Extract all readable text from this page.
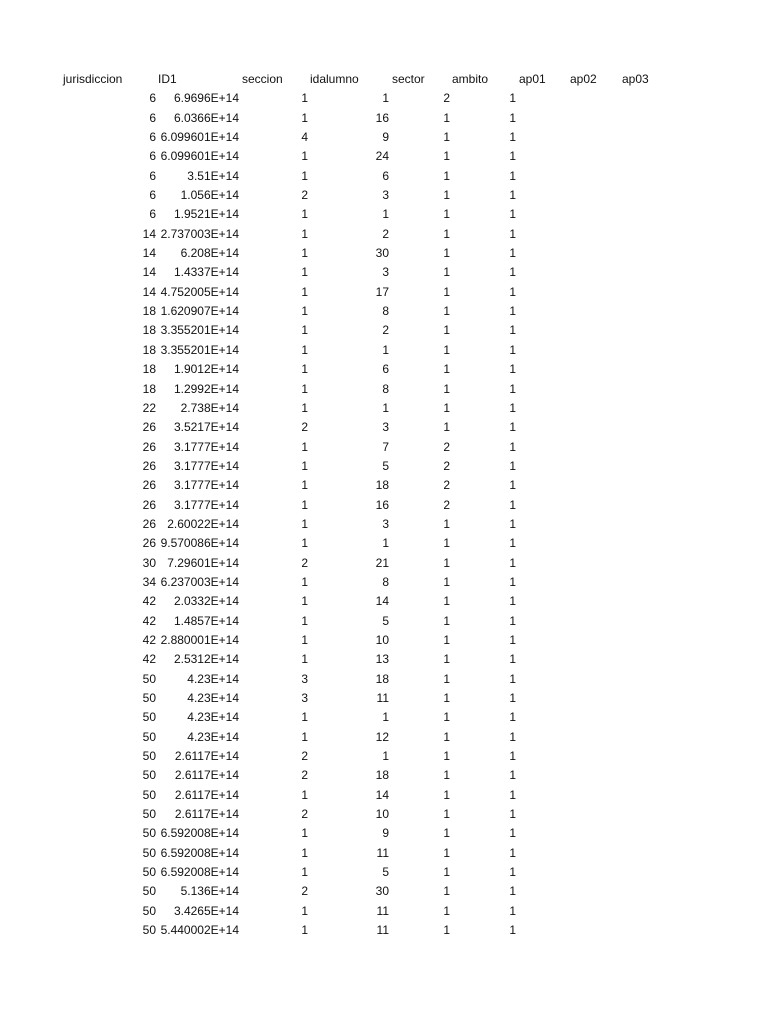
jurisdiccion	ID1	seccion idalumno	sector ambito	ap01 ap02 ap03
6 6.9696E+14	1	1	2	1
6 6.0366E+14	1	16	1	1
6 6.099601E+14	4	9	1	1
6 6.099601E+14	1	24	1	1
6	3.51E+14	1	6	1	1
6 1.056E+14	2	3	1	1
6 1.9521E+14	1	1	1	1
14 2.737003E+14	1	2	1	1
14 6.208E+14	1	30	1	1
14 1.4337E+14	1	3	1	1
14 4.752005E+14	1	17	1	1
18 1.620907E+14	1	8	1	1
18 3.355201E+14	1	2	1	1
18 3.355201E+14	1	1	1	1
18 1.9012E+14	1	6	1	1
18 1.2992E+14	1	8	1	1
22 2.738E+14	1	1	1	1
26 3.5217E+14	2	3	1	1
26 3.1777E+14	1	7	2	1
26 3.1777E+14	1	5	2	1
26 3.1777E+14	1	18	2	1
26 3.1777E+14	1	16	2	1
26 2.60022E+14	1	3	1	1
26 9.570086E+14	1	1	1	1
30 7.29601E+14	2	21	1	1
34 6.237003E+14	1	8	1	1
42 2.0332E+14	1	14	1	1
42 1.4857E+14	1	5	1	1
42 2.880001E+14	1	10	1	1
42 2.5312E+14	1	13	1	1
50	4.23E+14	3	18	1	1
50	4.23E+14	3	11	1	1
50	4.23E+14	1	1	1	1
50	4.23E+14	1	12	1	1
50 2.6117E+14	2	1	1	1
50 2.6117E+14	2	18	1	1
50 2.6117E+14	1	14	1	1
50 2.6117E+14	2	10	1	1
50 6.592008E+14	1	9	1	1
50 6.592008E+14	1	11	1	1
50 6.592008E+14	1	5	1	1
50 5.136E+14	2	30	1	1
50 3.4265E+14	1	11	1	1
50 5.440002E+14	1	11	1	1
